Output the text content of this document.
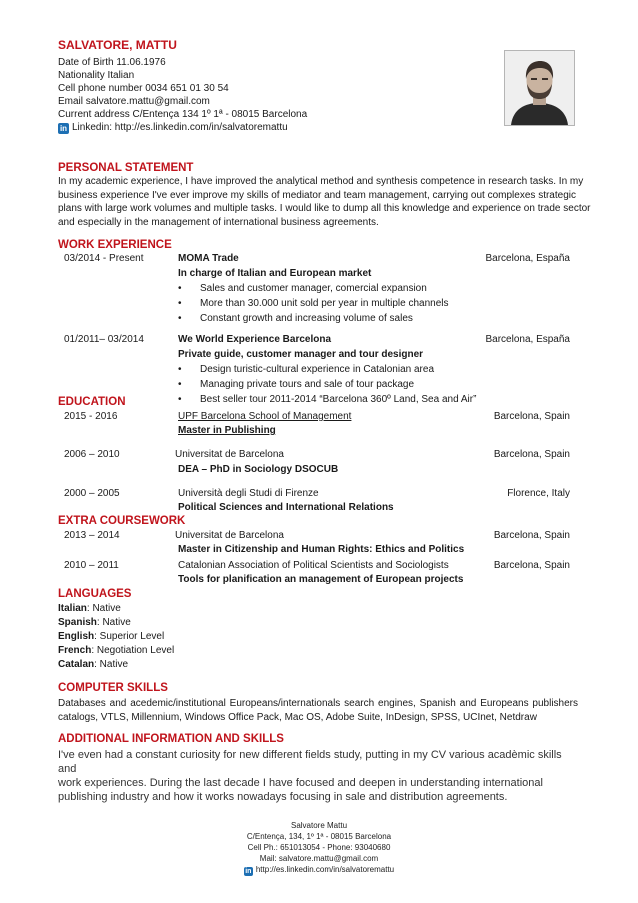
SALVATORE, MATTU
Date of Birth 11.06.1976
Nationality Italian
Cell phone number 0034 651 01 30 54
Email salvatore.mattu@gmail.com
Current address C/Entença 134 1º 1ª - 08015 Barcelona
in Linkedin: http://es.linkedin.com/in/salvatoremattu
PERSONAL STATEMENT
In my academic experience, I have improved the analytical method and synthesis competence in research tasks. In my
business experience I've ever improve my skills of mediator and team management, carrying out complexes strategic
plans with large work volumes and multiple tasks. I would like to dump all this knowledge and experience on trade sector
and especially in the management of international business agreements.
WORK EXPERIENCE
03/2014 - Present	MOMA Trade	Barcelona, España
In charge of Italian and European market
• Sales and customer manager, comercial expansion
• More than 30.000 unit sold per year in multiple channels
• Constant growth and increasing volume of sales
01/2011– 03/2014	We World Experience Barcelona	Barcelona, España
Private guide, customer manager and tour designer
• Design turistic-cultural experience in Catalonian area
• Managing private tours and sale of tour package
• Best seller tour 2011-2014 “Barcelona 360º Land, Sea and Air”
EDUCATION
2015 - 2016	UPF Barcelona School of Management	Barcelona, Spain
Master in Publishing
2006 – 2010	Universitat de Barcelona	Barcelona, Spain
DEA – PhD in Sociology DSOCUB
2000 – 2005	Università degli Studi di Firenze	Florence, Italy
Political Sciences and International Relations
EXTRA COURSEWORK
2013 – 2014	Universitat de Barcelona	Barcelona, Spain
Master in Citizenship and Human Rights: Ethics and Politics
2010 – 2011	Catalonian Association of Political Scientists and Sociologists	Barcelona, Spain
Tools for planification an management of European projects
LANGUAGES
Italian: Native
Spanish: Native
English: Superior Level
French: Negotiation Level
Catalan: Native
COMPUTER SKILLS
Databases and acedemic/institutional Europeans/internationals search engines, Spanish and Europeans publishers
catalogs, VTLS, Millennium, Windows Office Pack, Mac OS, Adobe Suite, InDesign, SPSS, UCInet, Netdraw
ADDITIONAL INFORMATION AND SKILLS
I've even had a constant curiosity for new different fields study, putting in my CV various acadèmic skills and
work experiences. During the last decade I have focused and deepen in understanding international
publishing industry and how it works nowadays focusing in sale and distribution agreements.
Salvatore Mattu
C/Entença, 134, 1º 1ª - 08015 Barcelona
Cell Ph.: 651013054 - Phone: 93040680
Mail: salvatore.mattu@gmail.com
in http://es.linkedin.com/in/salvatoremattu
